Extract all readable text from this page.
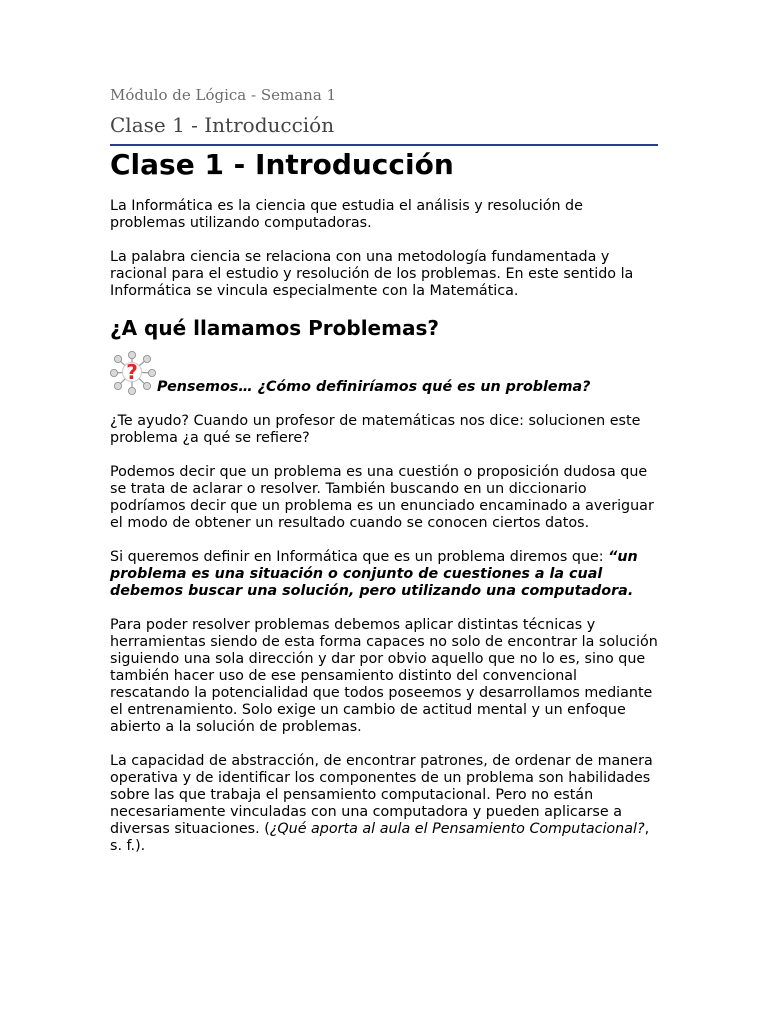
Módulo de Lógica - Semana 1

Clase 1 - Introducción
Clase 1 - Introducción

La Informática es la ciencia que estudia el análisis y resolución de problemas utilizando computadoras.

La palabra ciencia se relaciona con una metodología fundamentada y racional para el estudio y resolución de los problemas. En este sentido la Informática se vincula especialmente con la Matemática.

¿A qué llamamos Problemas?
?
Pensemos… ¿Cómo definiríamos qué es un problema?

¿Te ayudo? Cuando un profesor de matemáticas nos dice: solucionen este problema ¿a qué se refiere?

Podemos decir que un problema es una cuestión o proposición dudosa que se trata de aclarar o resolver. También buscando en un diccionario podríamos decir que un problema es un enunciado encaminado a averiguar el modo de obtener un resultado cuando se conocen ciertos datos.

Si queremos definir en Informática que es un problema diremos que: “un problema es una situación o conjunto de cuestiones a la cual debemos buscar una solución, pero utilizando una computadora.

Para poder resolver problemas debemos aplicar distintas técnicas y herramientas siendo de esta forma capaces no solo de encontrar la solución siguiendo una sola dirección y dar por obvio aquello que no lo es, sino que también hacer uso de ese pensamiento distinto del convencional rescatando la potencialidad que todos poseemos y desarrollamos mediante el entrenamiento. Solo exige un cambio de actitud mental y un enfoque abierto a la solución de problemas.

La capacidad de abstracción, de encontrar patrones, de ordenar de manera operativa y de identificar los componentes de un problema son habilidades sobre las que trabaja el pensamiento computacional. Pero no están necesariamente vinculadas con una computadora y pueden aplicarse a diversas situaciones. (¿Qué aporta al aula el Pensamiento Computacional?, s. f.).
